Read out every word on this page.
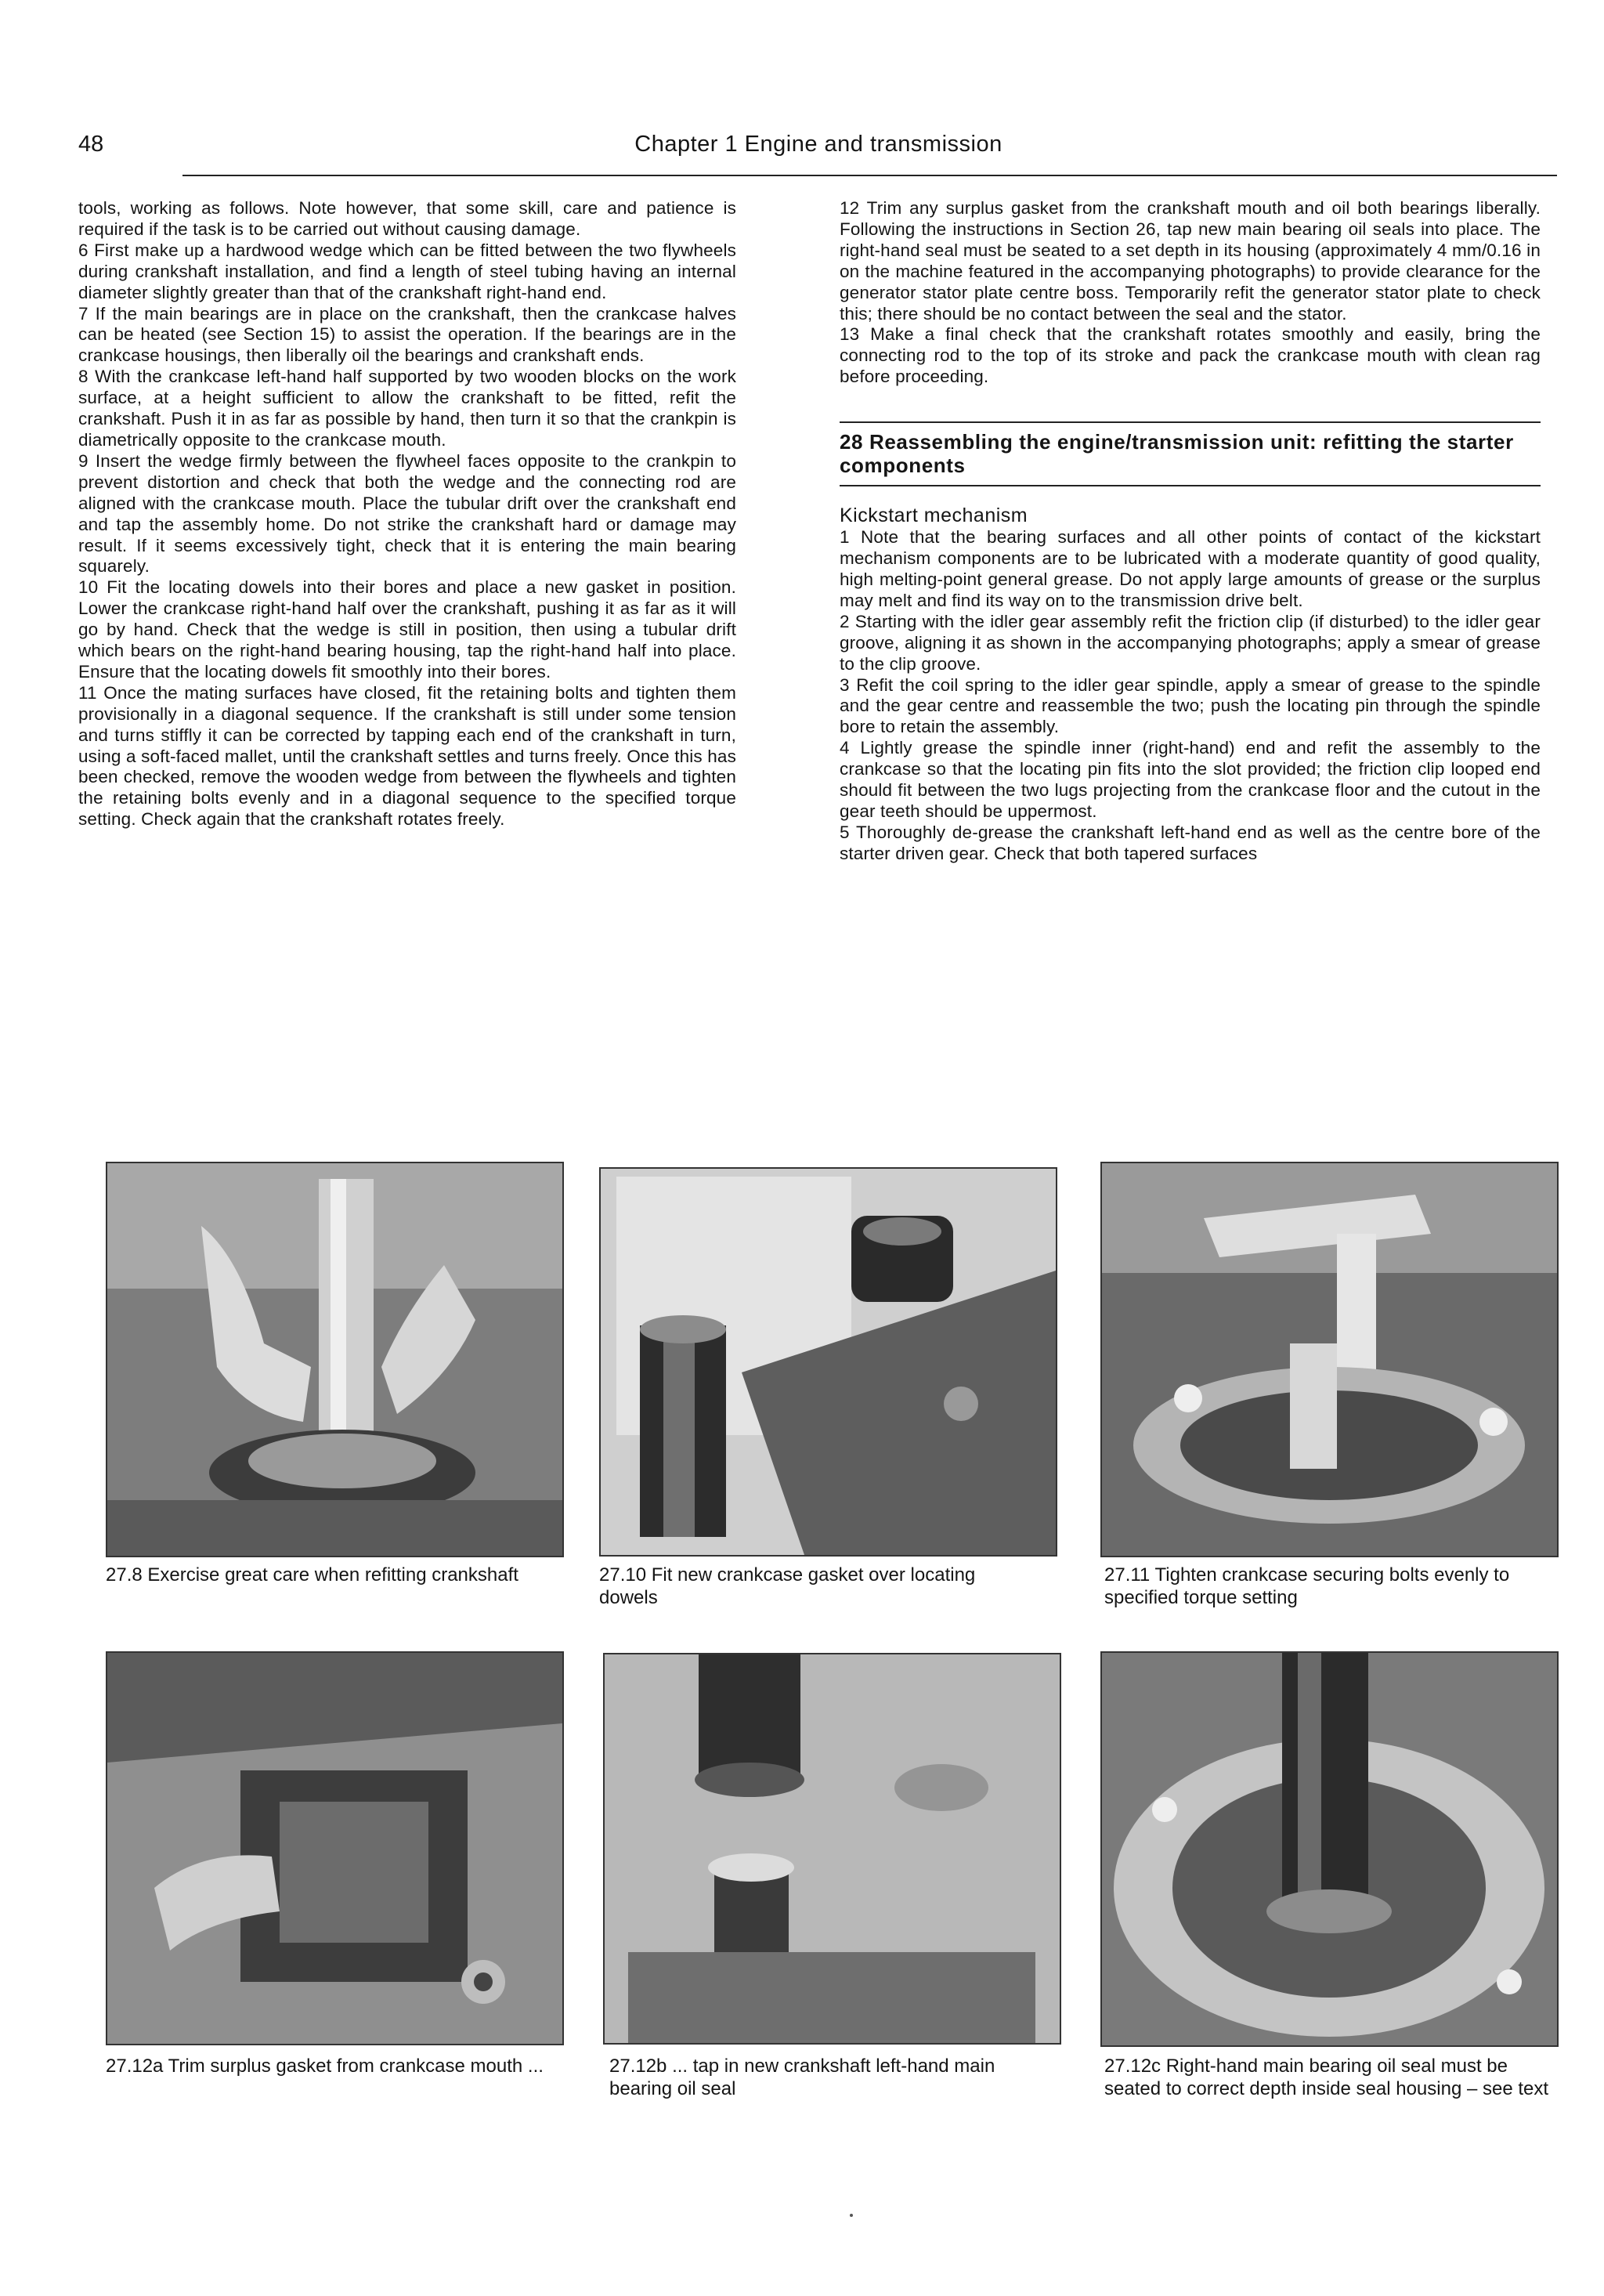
48	Chapter 1 Engine and transmission

tools, working as follows. Note however, that some skill, care and patience is required if the task is to be carried out without causing damage.

6 First make up a hardwood wedge which can be fitted between the two flywheels during crankshaft installation, and find a length of steel tubing having an internal diameter slightly greater than that of the crankshaft right-hand end.

7 If the main bearings are in place on the crankshaft, then the crankcase halves can be heated (see Section 15) to assist the operation. If the bearings are in the crankcase housings, then liberally oil the bearings and crankshaft ends.

8 With the crankcase left-hand half supported by two wooden blocks on the work surface, at a height sufficient to allow the crankshaft to be fitted, refit the crankshaft. Push it in as far as possible by hand, then turn it so that the crankpin is diametrically opposite to the crankcase mouth.

9 Insert the wedge firmly between the flywheel faces opposite to the crankpin to prevent distortion and check that both the wedge and the connecting rod are aligned with the crankcase mouth. Place the tubular drift over the crankshaft end and tap the assembly home. Do not strike the crankshaft hard or damage may result. If it seems excessively tight, check that it is entering the main bearing squarely.

10 Fit the locating dowels into their bores and place a new gasket in position. Lower the crankcase right-hand half over the crankshaft, pushing it as far as it will go by hand. Check that the wedge is still in position, then using a tubular drift which bears on the right-hand bearing housing, tap the right-hand half into place. Ensure that the locating dowels fit smoothly into their bores.

11 Once the mating surfaces have closed, fit the retaining bolts and tighten them provisionally in a diagonal sequence. If the crankshaft is still under some tension and turns stiffly it can be corrected by tapping each end of the crankshaft in turn, using a soft-faced mallet, until the crankshaft settles and turns freely. Once this has been checked, remove the wooden wedge from between the flywheels and tighten the retaining bolts evenly and in a diagonal sequence to the specified torque setting. Check again that the crankshaft rotates freely.

12 Trim any surplus gasket from the crankshaft mouth and oil both bearings liberally. Following the instructions in Section 26, tap new main bearing oil seals into place. The right-hand seal must be seated to a set depth in its housing (approximately 4 mm/0.16 in on the machine featured in the accompanying photographs) to provide clearance for the generator stator plate centre boss. Temporarily refit the generator stator plate to check this; there should be no contact between the seal and the stator.

13 Make a final check that the crankshaft rotates smoothly and easily, bring the connecting rod to the top of its stroke and pack the crankcase mouth with clean rag before proceeding.

28 Reassembling the engine/transmission unit: refitting the starter components
Kickstart mechanism

1 Note that the bearing surfaces and all other points of contact of the kickstart mechanism components are to be lubricated with a moderate quantity of good quality, high melting-point general grease. Do not apply large amounts of grease or the surplus may melt and find its way on to the transmission drive belt.

2 Starting with the idler gear assembly refit the friction clip (if disturbed) to the idler gear groove, aligning it as shown in the accompanying photographs; apply a smear of grease to the clip groove.

3 Refit the coil spring to the idler gear spindle, apply a smear of grease to the spindle and the gear centre and reassemble the two; push the locating pin through the spindle bore to retain the assembly.

4 Lightly grease the spindle inner (right-hand) end and refit the assembly to the crankcase so that the locating pin fits into the slot provided; the friction clip looped end should fit between the two lugs projecting from the crankcase floor and the cutout in the gear teeth should be uppermost.

5 Thoroughly de-grease the crankshaft left-hand end as well as the centre bore of the starter driven gear. Check that both tapered surfaces

27.8 Exercise great care when refitting crankshaft	27.10 Fit new crankcase gasket over locating dowels
27.11 Tighten crankcase securing bolts evenly to specified torque setting
27.12a Trim surplus gasket from crankcase mouth ...	27.12b ... tap in new crankshaft left-hand main bearing oil seal
27.12c Right-hand main bearing oil seal must be seated to correct depth inside seal housing – see text
